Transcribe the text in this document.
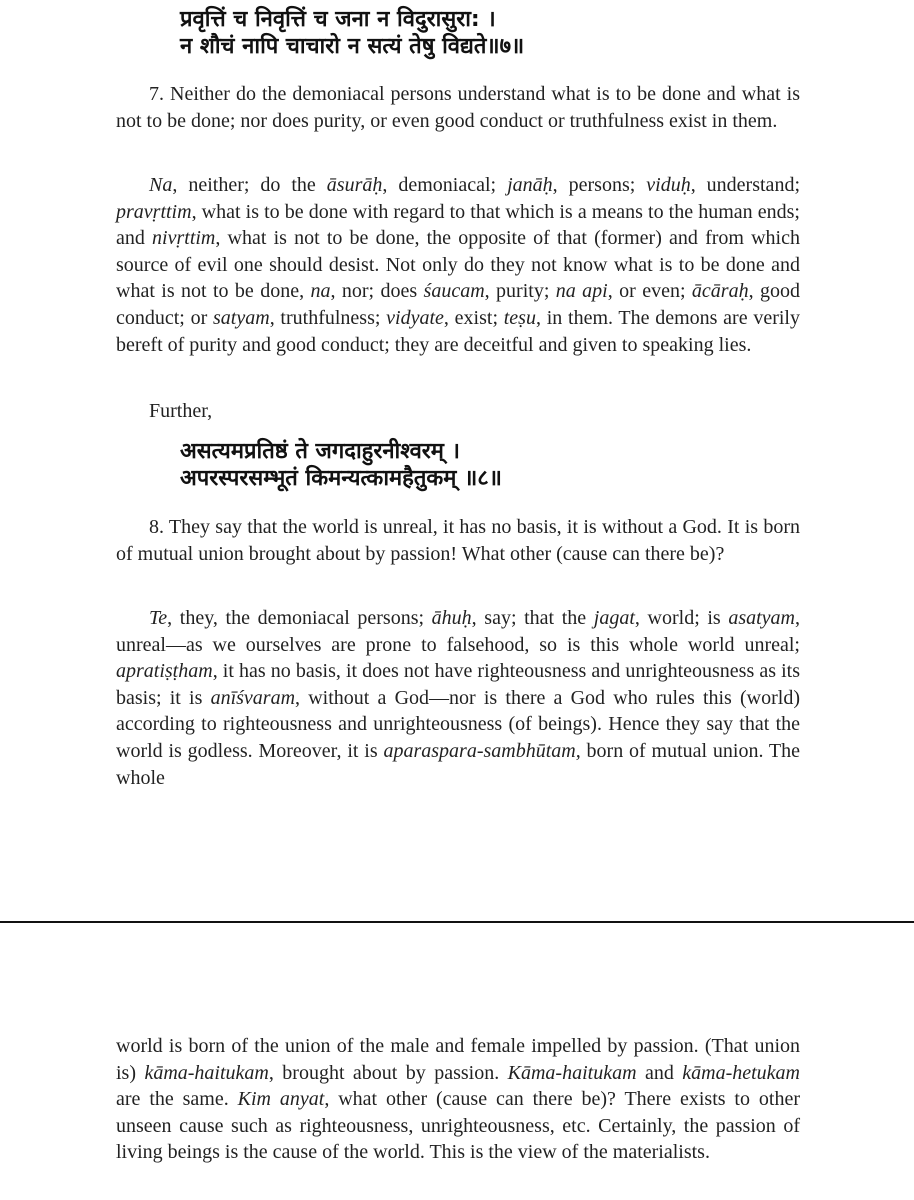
प्रवृत्तिं च निवृत्तिं च जना न विदुरासुरा: ।
न शौचं नापि चाचारो न सत्यं तेषु विद्यते॥७॥

7. Neither do the demoniacal persons understand what is to be done and what is not to be done; nor does purity, or even good conduct or truthfulness exist in them.

Na, neither; do the āsurāḥ, demoniacal; janāḥ, persons; viduḥ, understand; pravṛttim, what is to be done with regard to that which is a means to the human ends; and nivṛttim, what is not to be done, the opposite of that (former) and from which source of evil one should desist. Not only do they not know what is to be done and what is not to be done, na, nor; does śaucam, purity; na api, or even; ācāraḥ, good conduct; or satyam, truthfulness; vidyate, exist; teṣu, in them. The demons are verily bereft of purity and good conduct; they are deceitful and given to speaking lies.

Further,
असत्यमप्रतिष्ठं ते जगदाहुरनीश्वरम् ।
अपरस्परसम्भूतं किमन्यत्कामहैतुकम् ॥८॥

8. They say that the world is unreal, it has no basis, it is without a God. It is born of mutual union brought about by passion! What other (cause can there be)?

Te, they, the demoniacal persons; āhuḥ, say; that the jagat, world; is asatyam, unreal—as we ourselves are prone to falsehood, so is this whole world unreal; apratiṣṭham, it has no basis, it does not have righteousness and unrighteousness as its basis; it is anīśvaram, without a God—nor is there a God who rules this (world) according to righteousness and unrighteousness (of beings). Hence they say that the world is godless. Moreover, it is aparaspara-sambhūtam, born of mutual union. The whole

world is born of the union of the male and female impelled by passion. (That union is) kāma-haitukam, brought about by passion. Kāma-haitukam and kāma-hetukam are the same. Kim anyat, what other (cause can there be)? There exists to other unseen cause such as righteousness, unrighteousness, etc. Certainly, the passion of living beings is the cause of the world. This is the view of the materialists.
